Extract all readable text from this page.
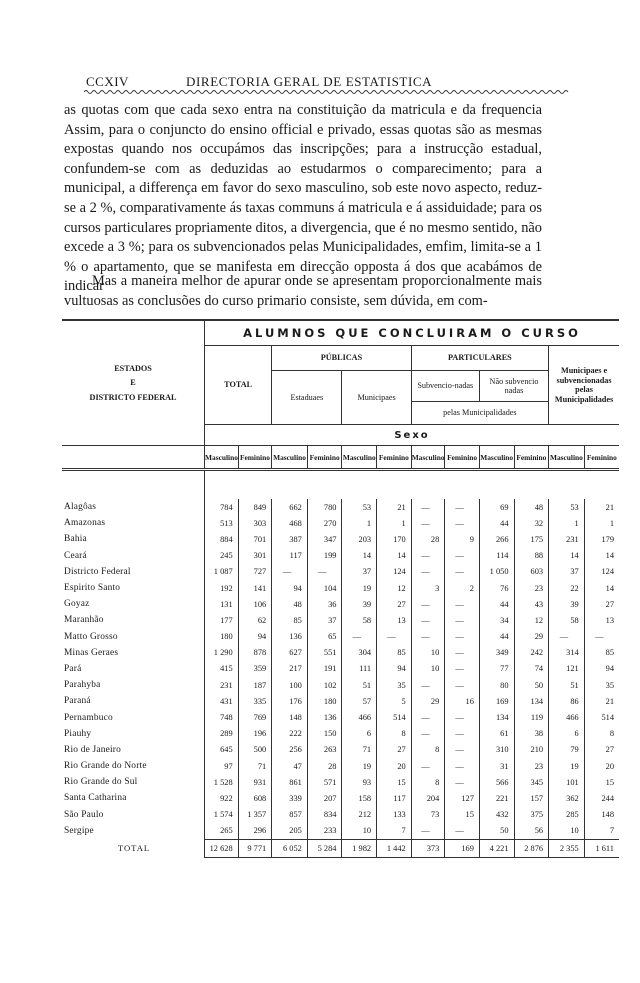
CCXIV	DIRECTORIA GERAL DE ESTATISTICA

as quotas com que cada sexo entra na constituição da matricula e da frequencia Assim, para o conjuncto do ensino official e privado, essas quotas são as mesmas expostas quando nos occupámos das inscripções; para a instrucção estadual, confundem-se com as deduzidas ao estudarmos o comparecimento; para a municipal, a differença em favor do sexo masculino, sob este novo aspecto, reduz-se a 2 %, comparativamente ás taxas communs á matricula e á assiduidade; para os cursos particulares propriamente ditos, a divergencia, que é no mesmo sentido, não excede a 3 %; para os subvencionados pelas Municipalidades, emfim, limita-se a 1 % o apartamento, que se manifesta em direcção opposta á dos que acabámos de indicar

Mas a maneira melhor de apurar onde se apresentam proporcionalmente mais vultuosas as conclusões do curso primario consiste, sem dúvida, em com-

ESTADOS
E
DISTRICTO FEDERAL	ALUMNOS QUE CONCLUIRAM O CURSO											
	TOTAL		PÚBLICAS				PARTICULARES				Municipaes e subvencionadas pelas Municipalidades	
			Estaduaes		Municipaes		Subvencio-nadas		Não subvencio nadas			
							pelas Municipalidades					
	Sexo											
	Masculino	Feminino	Masculino	Feminino	Masculino	Feminino	Masculino	Feminino	Masculino	Feminino	Masculino	Feminino

Alagôas	784	849	662	780	53	21	—	—	69	48	53	21
Amazonas	513	303	468	270	1	1	—	—	44	32	1	1
Bahia	884	701	387	347	203	170	28	9	266	175	231	179
Ceará	245	301	117	199	14	14	—	—	114	88	14	14
Districto Federal	1 087	727	—	—	37	124	—	—	1 050	603	37	124
Espirito Santo	192	141	94	104	19	12	3	2	76	23	22	14
Goyaz	131	106	48	36	39	27	—	—	44	43	39	27
Maranhão	177	62	85	37	58	13	—	—	34	12	58	13
Matto Grosso	180	94	136	65	—	—	—	—	44	29	—	—
Minas Geraes	1 290	878	627	551	304	85	10	—	349	242	314	85
Pará	415	359	217	191	111	94	10	—	77	74	121	94
Parahyba	231	187	100	102	51	35	—	—	80	50	51	35
Paraná	431	335	176	180	57	5	29	16	169	134	86	21
Pernambuco	748	769	148	136	466	514	—	—	134	119	466	514
Piauhy	289	196	222	150	6	8	—	—	61	38	6	8
Rio de Janeiro	645	500	256	263	71	27	8	—	310	210	79	27
Rio Grande do Norte	97	71	47	28	19	20	—	—	31	23	19	20
Rio Grande do Sul	1 528	931	861	571	93	15	8	—	566	345	101	15
Santa Catharina	922	608	339	207	158	117	204	127	221	157	362	244
São Paulo	1 574	1 357	857	834	212	133	73	15	432	375	285	148
Sergipe	265	296	205	233	10	7	—	—	50	56	10	7
TOTAL	12 628	9 771	6 052	5 284	1 982	1 442	373	169	4 221	2 876	2 355	1 611
